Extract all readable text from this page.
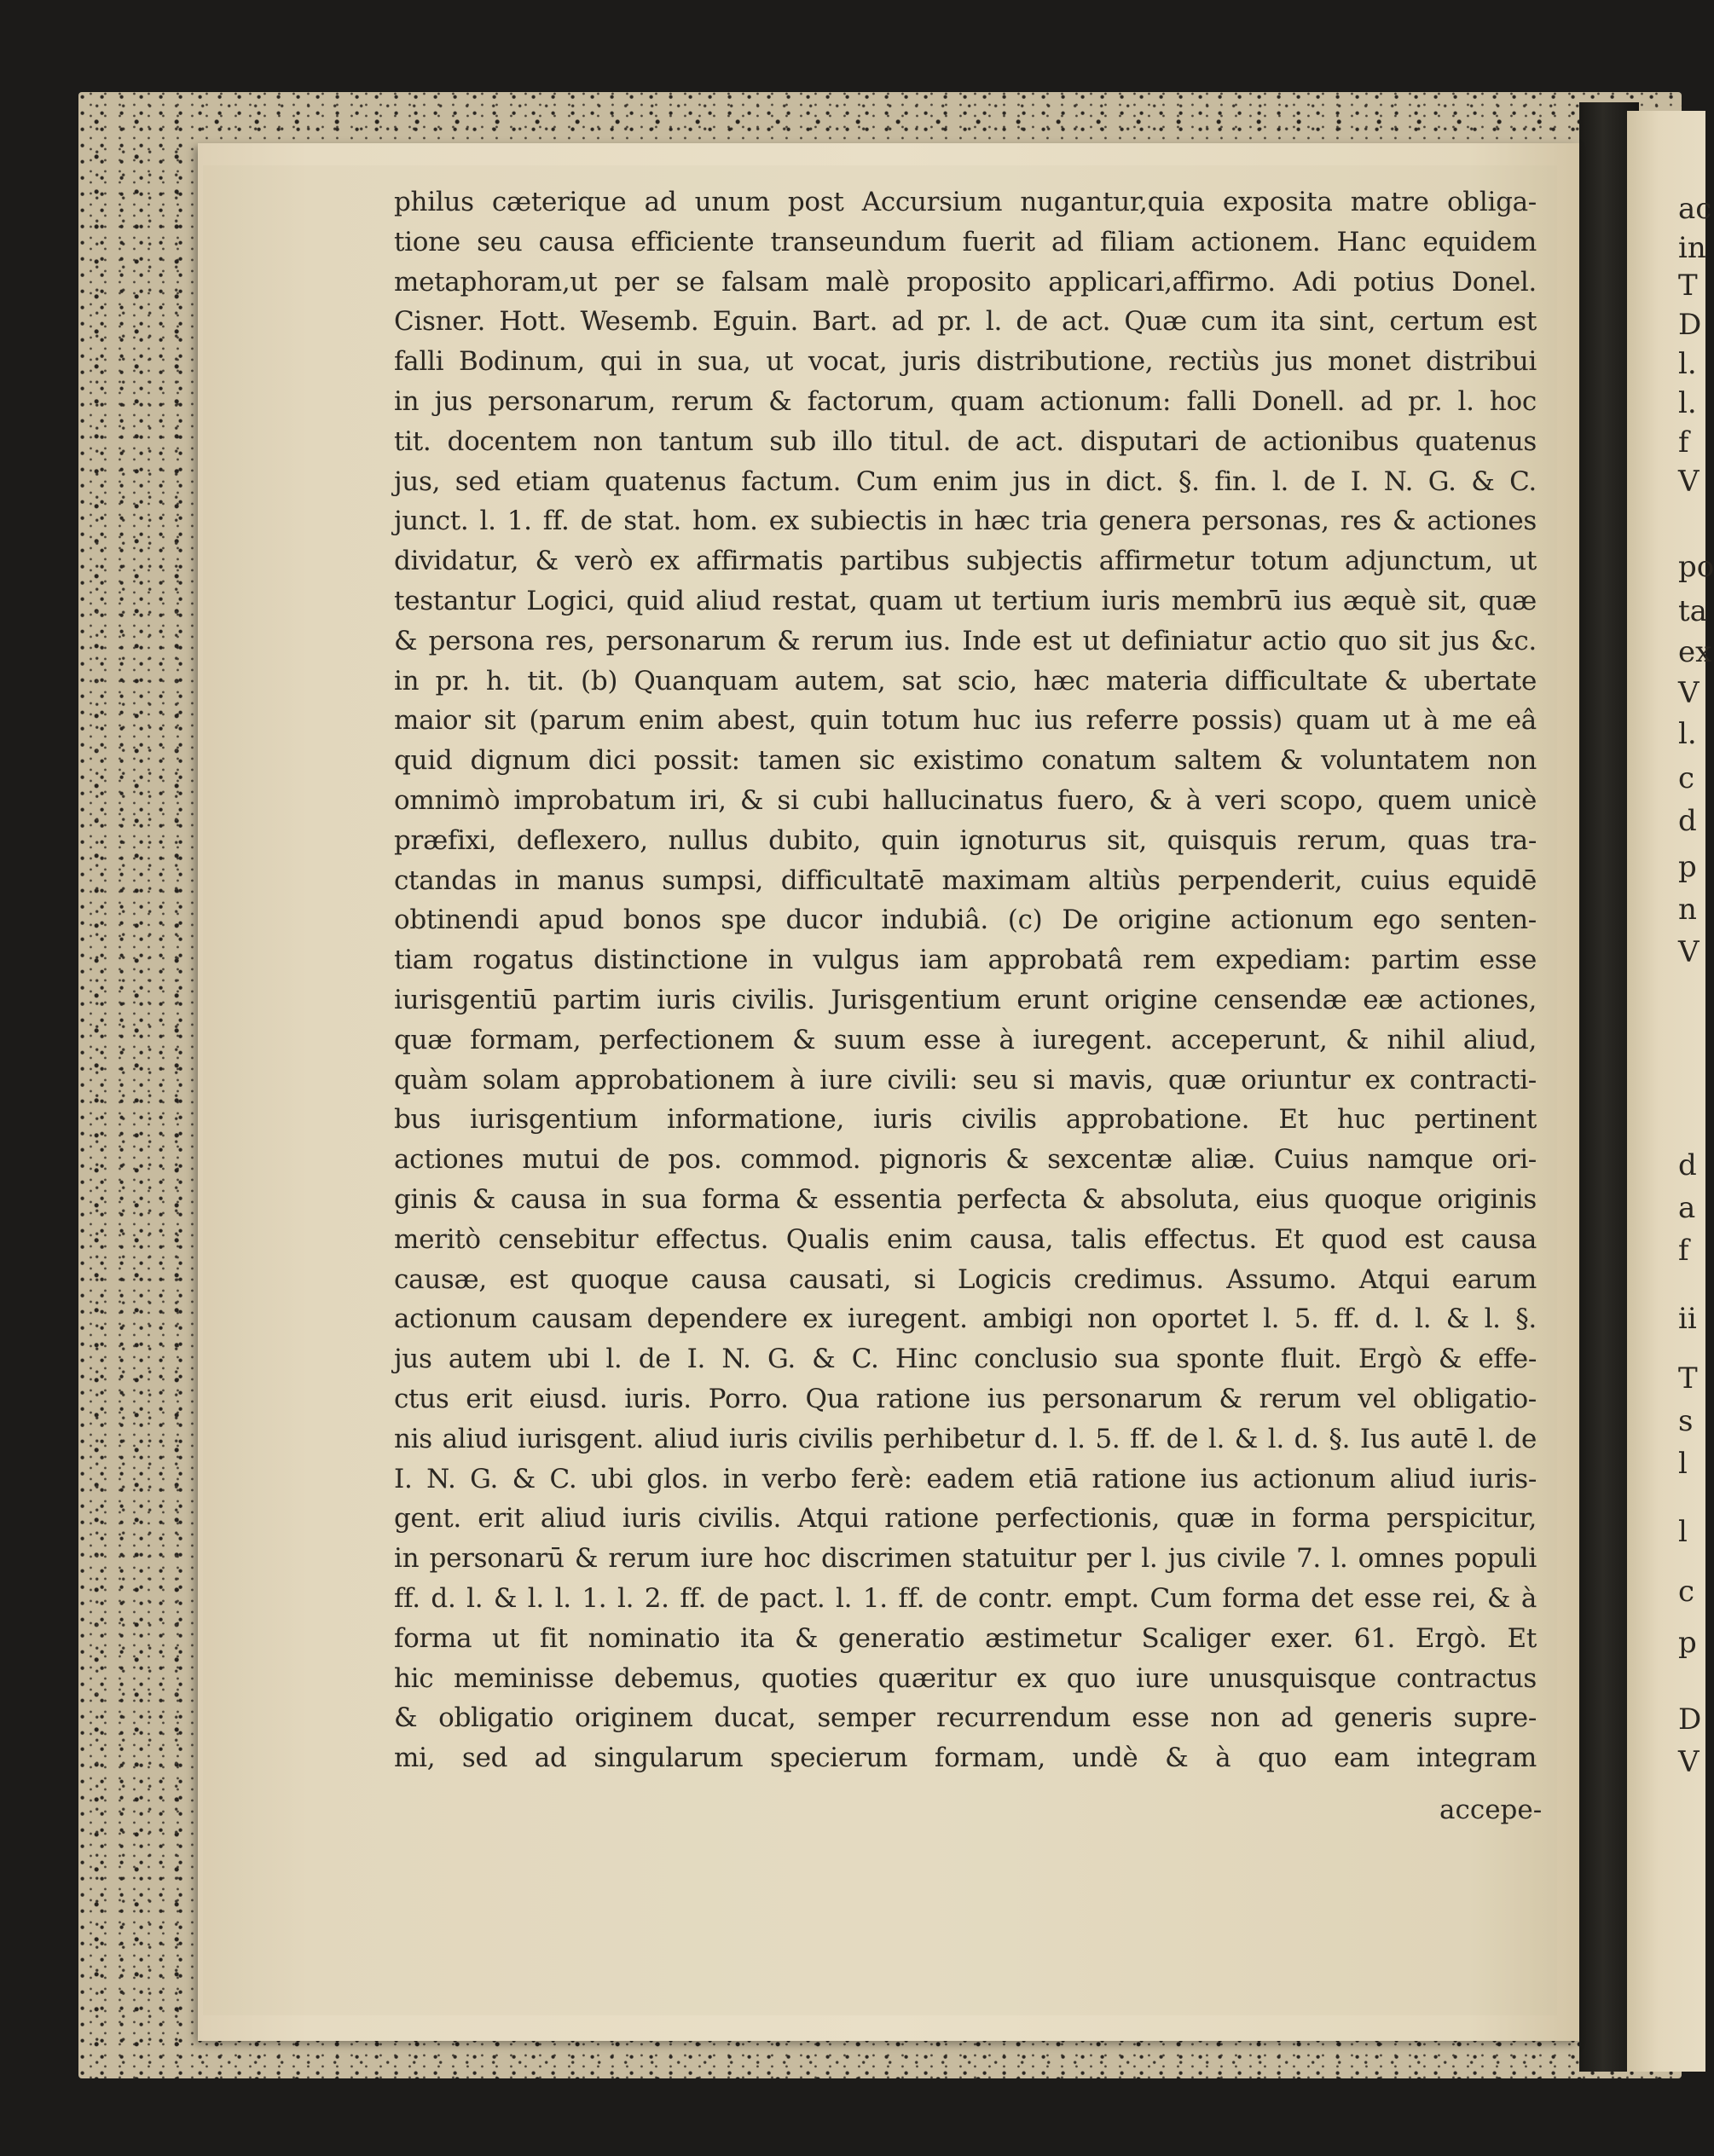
ac
in
T
D
l.
l.
f
V
po
ta
ex
V
l.
c
d
p
n
V
d
a
f
ii
T
s
l
l
c
p
D
V
philus cæterique ad unum post Accursium nugantur,quia exposita matre obliga-
tione seu causa efficiente transeundum fuerit ad filiam actionem. Hanc equidem
metaphoram,ut per se falsam malè proposito applicari,affirmo. Adi potius Donel.
Cisner. Hott. Wesemb. Eguin. Bart. ad pr. l. de act. Quæ cum ita sint, certum est
falli Bodinum, qui in sua, ut vocat, juris distributione, rectiùs jus monet distribui
in jus personarum, rerum & factorum, quam actionum: falli Donell. ad pr. l. hoc
tit. docentem non tantum sub illo titul. de act. disputari de actionibus quatenus
jus, sed etiam quatenus factum. Cum enim jus in dict. §. fin. l. de I. N. G. & C.
junct. l. 1. ff. de stat. hom. ex subiectis in hæc tria genera personas, res & actiones
dividatur, & verò ex affirmatis partibus subjectis affirmetur totum adjunctum, ut
testantur Logici, quid aliud restat, quam ut tertium iuris membrū ius æquè sit, quæ
& persona res, personarum & rerum ius. Inde est ut definiatur actio quo sit jus &c.
in pr. h. tit. (b) Quanquam autem, sat scio, hæc materia difficultate & ubertate
maior sit (parum enim abest, quin totum huc ius referre possis) quam ut à me eâ
quid dignum dici possit: tamen sic existimo conatum saltem & voluntatem non
omnimò improbatum iri, & si cubi hallucinatus fuero, & à veri scopo, quem unicè
præfixi, deflexero, nullus dubito, quin ignoturus sit, quisquis rerum, quas tra-
ctandas in manus sumpsi, difficultatē maximam altiùs perpenderit, cuius equidē
obtinendi apud bonos spe ducor indubiâ. (c) De origine actionum ego senten-
tiam rogatus distinctione in vulgus iam approbatâ rem expediam: partim esse
iurisgentiū partim iuris civilis. Jurisgentium erunt origine censendæ eæ actiones,
quæ formam, perfectionem & suum esse à iuregent. acceperunt, & nihil aliud,
quàm solam approbationem à iure civili: seu si mavis, quæ oriuntur ex contracti-
bus iurisgentium informatione, iuris civilis approbatione. Et huc pertinent
actiones mutui de pos. commod. pignoris & sexcentæ aliæ. Cuius namque ori-
ginis & causa in sua forma & essentia perfecta & absoluta, eius quoque originis
meritò censebitur effectus. Qualis enim causa, talis effectus. Et quod est causa
causæ, est quoque causa causati, si Logicis credimus. Assumo. Atqui earum
actionum causam dependere ex iuregent. ambigi non oportet l. 5. ff. d. l. & l. §.
jus autem ubi l. de I. N. G. & C. Hinc conclusio sua sponte fluit. Ergò & effe-
ctus erit eiusd. iuris. Porro. Qua ratione ius personarum & rerum vel obligatio-
nis aliud iurisgent. aliud iuris civilis perhibetur d. l. 5. ff. de l. & l. d. §. Ius autē l. de
I. N. G. & C. ubi glos. in verbo ferè: eadem etiā ratione ius actionum aliud iuris-
gent. erit aliud iuris civilis. Atqui ratione perfectionis, quæ in forma perspicitur,
in personarū & rerum iure hoc discrimen statuitur per l. jus civile 7. l. omnes populi
ff. d. l. & l. l. 1. l. 2. ff. de pact. l. 1. ff. de contr. empt. Cum forma det esse rei, & à
forma ut fit nominatio ita & generatio æstimetur Scaliger exer. 61. Ergò. Et
hic meminisse debemus, quoties quæritur ex quo iure unusquisque contractus
& obligatio originem ducat, semper recurrendum esse non ad generis supre-
mi, sed ad singularum specierum formam, undè & à quo eam integram
accepe-
